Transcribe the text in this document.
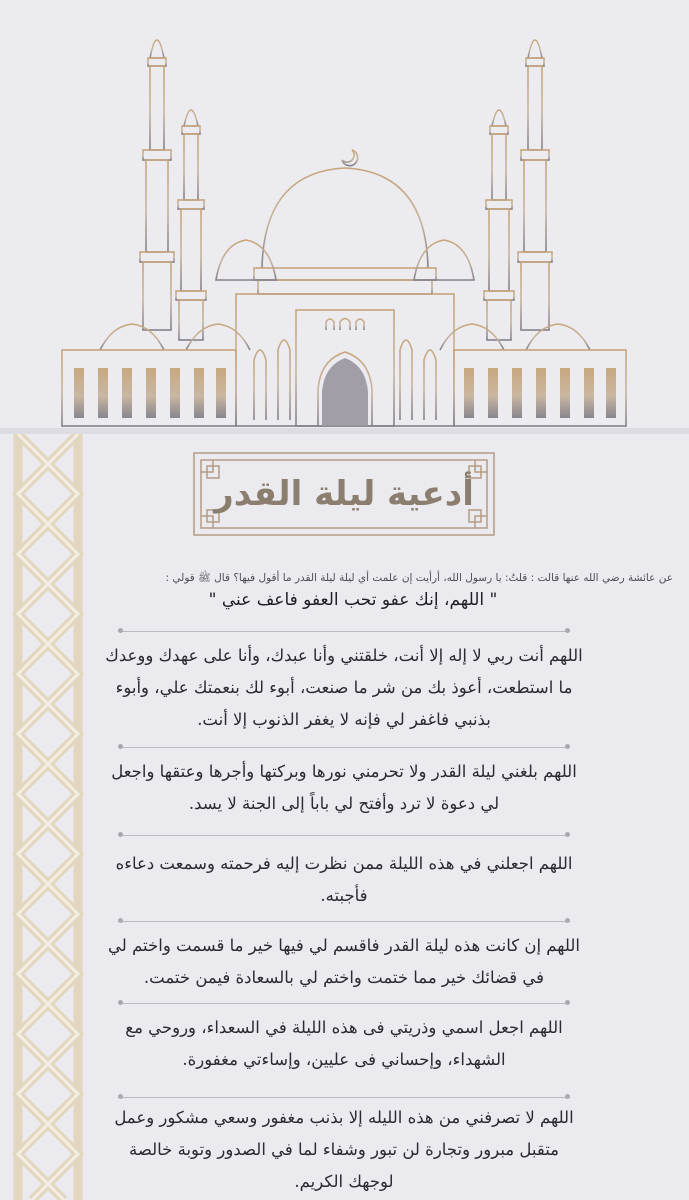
أدعية ليلة القدر
عن عائشة رضي الله عنها قالت : قلتُ: يا رسول الله، أرأيت إن علمت أي ليلة ليلة القدر ما أقول فيها؟ قال ﷺ قولي :
" اللهم، إنك عفو تحب العفو فاعف عني "
اللهم أنت ربي لا إله إلا أنت، خلقتني وأنا عبدك، وأنا على عهدك ووعدك ما استطعت، أعوذ بك من شر ما صنعت، أبوء لك بنعمتك علي، وأبوء بذنبي فاغفر لي فإنه لا يغفر الذنوب إلا أنت.
اللهم بلغني ليلة القدر ولا تحرمني نورها وبركتها وأجرها وعتقها واجعل لي دعوة لا ترد وأفتح لي باباً إلى الجنة لا يسد.
اللهم اجعلني في هذه الليلة ممن نظرت إليه فرحمته وسمعت دعاءه فأجبته.
اللهم إن كانت هذه ليلة القدر فاقسم لي فيها خير ما قسمت واختم لي في قضائك خير مما ختمت واختم لي بالسعادة فيمن ختمت.
اللهم اجعل اسمي وذريتي فى هذه الليلة في السعداء، وروحي مع الشهداء، وإحساني فى عليين، وإساءتي مغفورة.
اللهم لا تصرفني من هذه الليله إلا بذنب مغفور وسعي مشكور وعمل متقبل مبرور وتجارة لن تبور وشفاء لما في الصدور وتوبة خالصة لوجهك الكريم.
